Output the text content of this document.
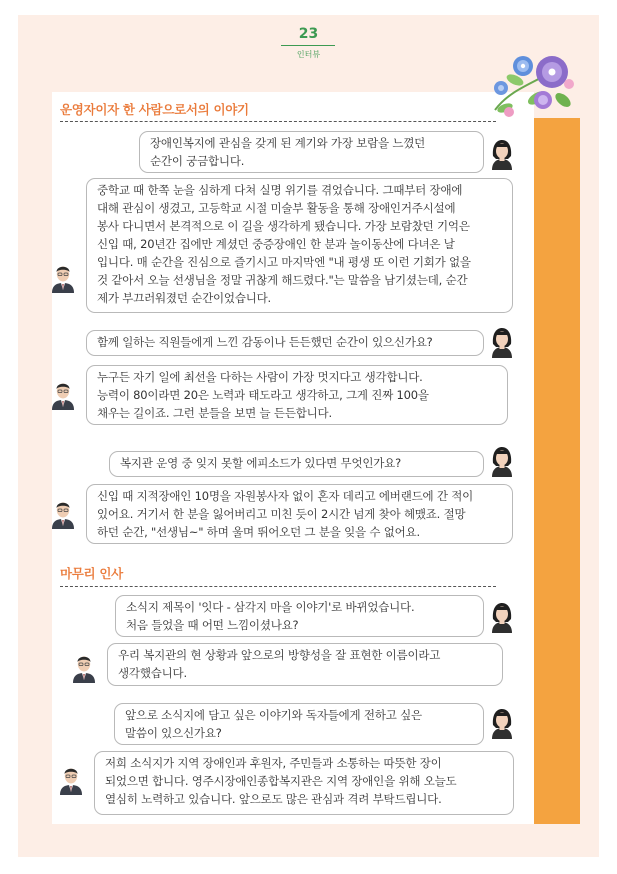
23
인터뷰
운영자이자 한 사람으로서의 이야기
마무리 인사
장애인복지에 관심을 갖게 된 계기와 가장 보람을 느꼈던
순간이 궁금합니다.
중학교 때 한쪽 눈을 심하게 다쳐 실명 위기를 겪었습니다. 그때부터 장애에
대해 관심이 생겼고, 고등학교 시절 미술부 활동을 통해 장애인거주시설에
봉사 다니면서 본격적으로 이 길을 생각하게 됐습니다. 가장 보람찼던 기억은
신입 때, 20년간 집에만 계셨던 중증장애인 한 분과 놀이동산에 다녀온 날
입니다. 매 순간을 진심으로 즐기시고 마지막엔 "내 평생 또 이런 기회가 없을
것 같아서 오늘 선생님을 정말 귀찮게 해드렸다."는 말씀을 남기셨는데, 순간
제가 부끄러워졌던 순간이었습니다.
함께 일하는 직원들에게 느낀 감동이나 든든했던 순간이 있으신가요?
누구든 자기 일에 최선을 다하는 사람이 가장 멋지다고 생각합니다.
능력이 80이라면 20은 노력과 태도라고 생각하고, 그게 진짜 100을
채우는 길이죠. 그런 분들을 보면 늘 든든합니다.
복지관 운영 중 잊지 못할 에피소드가 있다면 무엇인가요?
신입 때 지적장애인 10명을 자원봉사자 없이 혼자 데리고 에버랜드에 간 적이
있어요. 거기서 한 분을 잃어버리고 미친 듯이 2시간 넘게 찾아 헤맸죠. 절망
하던 순간, "선생님~" 하며 울며 뛰어오던 그 분을 잊을 수 없어요.
소식지 제목이 '잇다 - 삼각지 마을 이야기'로 바뀌었습니다.
처음 들었을 때 어떤 느낌이셨나요?
우리 복지관의 현 상황과 앞으로의 방향성을 잘 표현한 이름이라고
생각했습니다.
앞으로 소식지에 담고 싶은 이야기와 독자들에게 전하고 싶은
말씀이 있으신가요?
저희 소식지가 지역 장애인과 후원자, 주민들과 소통하는 따뜻한 장이
되었으면 합니다. 영주시장애인종합복지관은 지역 장애인을 위해 오늘도
열심히 노력하고 있습니다. 앞으로도 많은 관심과 격려 부탁드립니다.
